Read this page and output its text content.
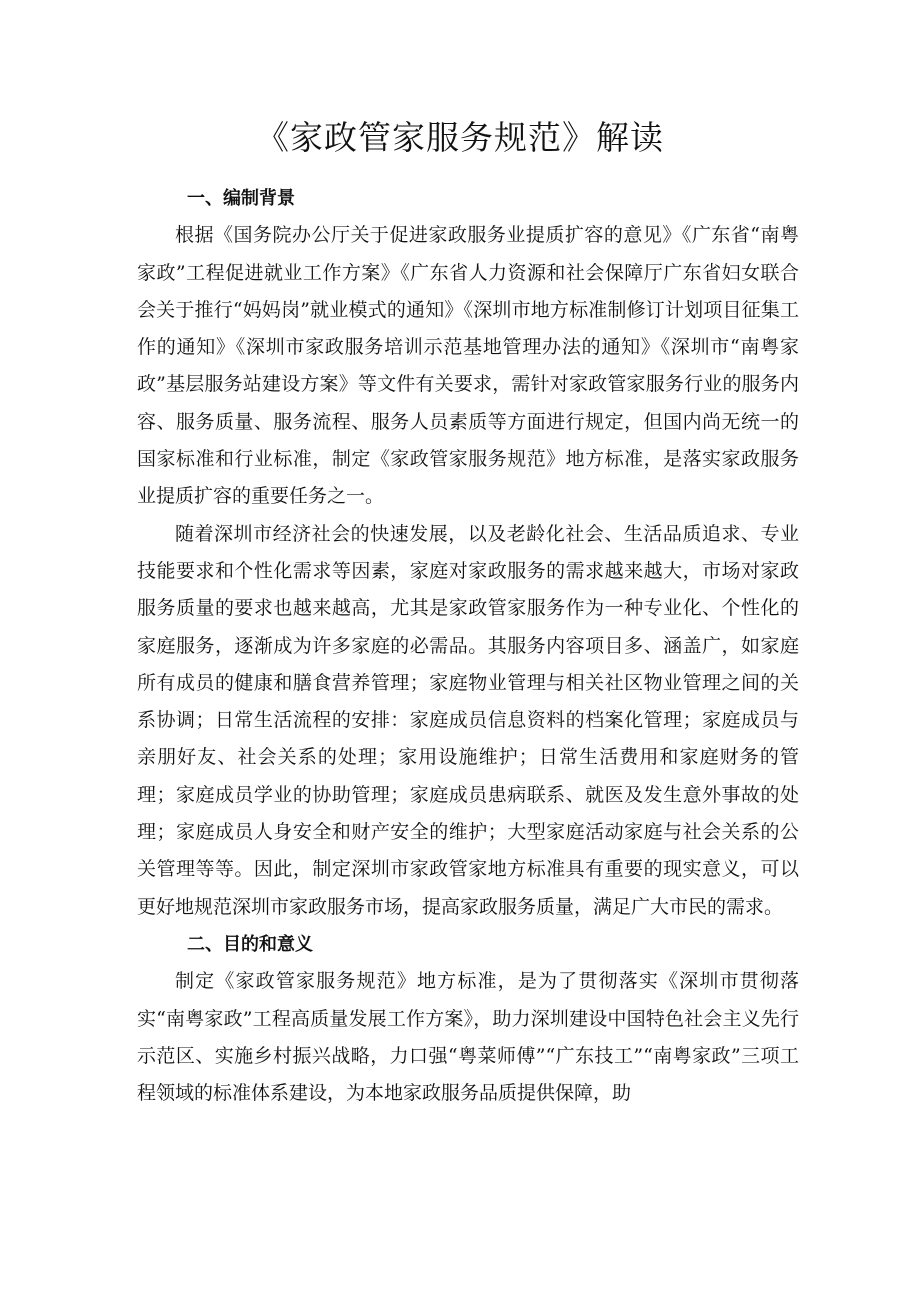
《家政管家服务规范》解读
一、编制背景

根据《国务院办公厅关于促进家政服务业提质扩容的意见》《广东省“南粤家政”工程促进就业工作方案》《广东省人力资源和社会保障厅广东省妇女联合会关于推行“妈妈岗”就业模式的通知》《深圳市地方标准制修订计划项目征集工作的通知》《深圳市家政服务培训示范基地管理办法的通知》《深圳市“南粤家政”基层服务站建设方案》等文件有关要求，需针对家政管家服务行业的服务内容、服务质量、服务流程、服务人员素质等方面进行规定，但国内尚无统一的国家标准和行业标准，制定《家政管家服务规范》地方标准，是落实家政服务业提质扩容的重要任务之一。

随着深圳市经济社会的快速发展，以及老龄化社会、生活品质追求、专业技能要求和个性化需求等因素，家庭对家政服务的需求越来越大，市场对家政服务质量的要求也越来越高，尤其是家政管家服务作为一种专业化、个性化的家庭服务，逐渐成为许多家庭的必需品。其服务内容项目多、涵盖广，如家庭所有成员的健康和膳食营养管理；家庭物业管理与相关社区物业管理之间的关系协调；日常生活流程的安排：家庭成员信息资料的档案化管理；家庭成员与亲朋好友、社会关系的处理；家用设施维护；日常生活费用和家庭财务的管理；家庭成员学业的协助管理；家庭成员患病联系、就医及发生意外事故的处理；家庭成员人身安全和财产安全的维护；大型家庭活动家庭与社会关系的公关管理等等。因此，制定深圳市家政管家地方标准具有重要的现实意义，可以更好地规范深圳市家政服务市场，提高家政服务质量，满足广大市民的需求。

二、目的和意义

制定《家政管家服务规范》地方标准，是为了贯彻落实《深圳市贯彻落实“南粤家政”工程高质量发展工作方案》，助力深圳建设中国特色社会主义先行示范区、实施乡村振兴战略，力口强“粤菜师傅”“广东技工”“南粤家政”三项工程领域的标准体系建设，为本地家政服务品质提供保障，助
